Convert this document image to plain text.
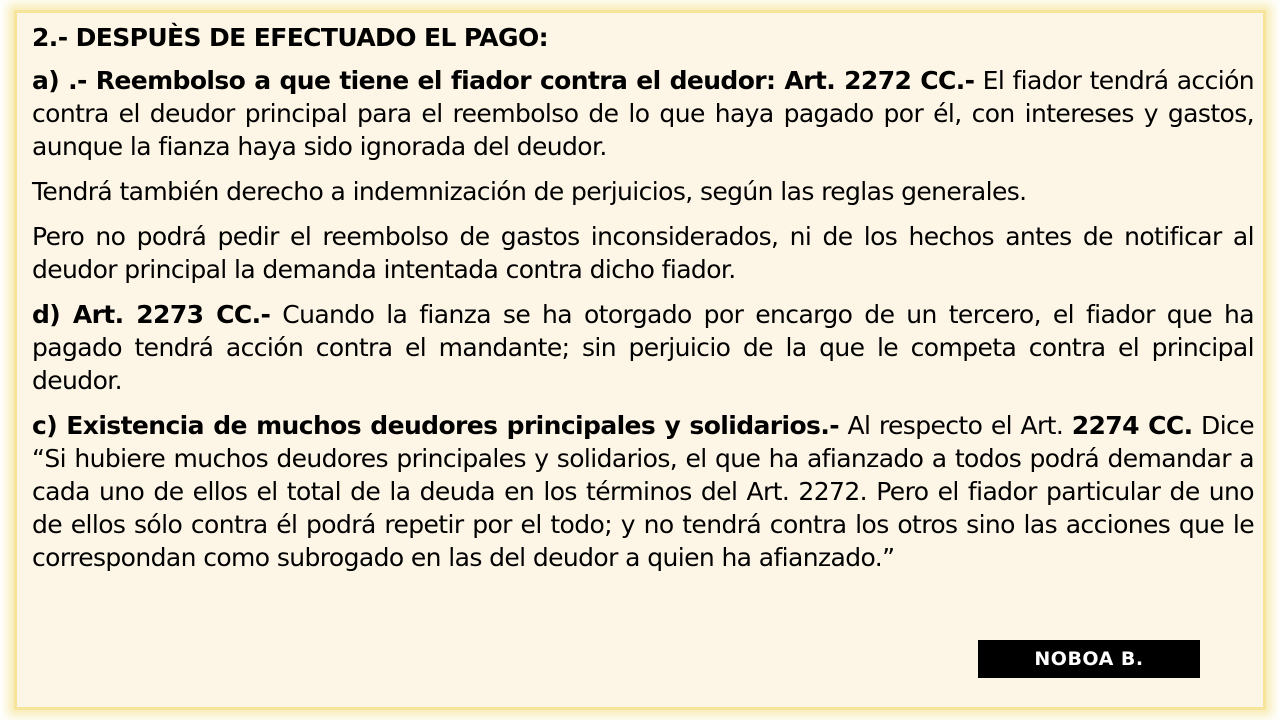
2.- DESPUÈS DE EFECTUADO EL PAGO:

a) .- Reembolso a que tiene el fiador contra el deudor: Art. 2272 CC.- El fiador tendrá acción contra el deudor principal para el reembolso de lo que haya pagado por él, con intereses y gastos, aunque la fianza haya sido ignorada del deudor.

Tendrá también derecho a indemnización de perjuicios, según las reglas generales.

Pero no podrá pedir el reembolso de gastos inconsiderados, ni de los hechos antes de notificar al deudor principal la demanda intentada contra dicho fiador.

d) Art. 2273 CC.- Cuando la fianza se ha otorgado por encargo de un tercero, el fiador que ha pagado tendrá acción contra el mandante; sin perjuicio de la que le competa contra el principal deudor.

c) Existencia de muchos deudores principales y solidarios.- Al respecto el Art. 2274 CC. Dice “Si hubiere muchos deudores principales y solidarios, el que ha afianzado a todos podrá demandar a cada uno de ellos el total de la deuda en los términos del Art. 2272. Pero el fiador particular de uno de ellos sólo contra él podrá repetir por el todo; y no tendrá contra los otros sino las acciones que le correspondan como subrogado en las del deudor a quien ha afianzado.”

NOBOA B.
